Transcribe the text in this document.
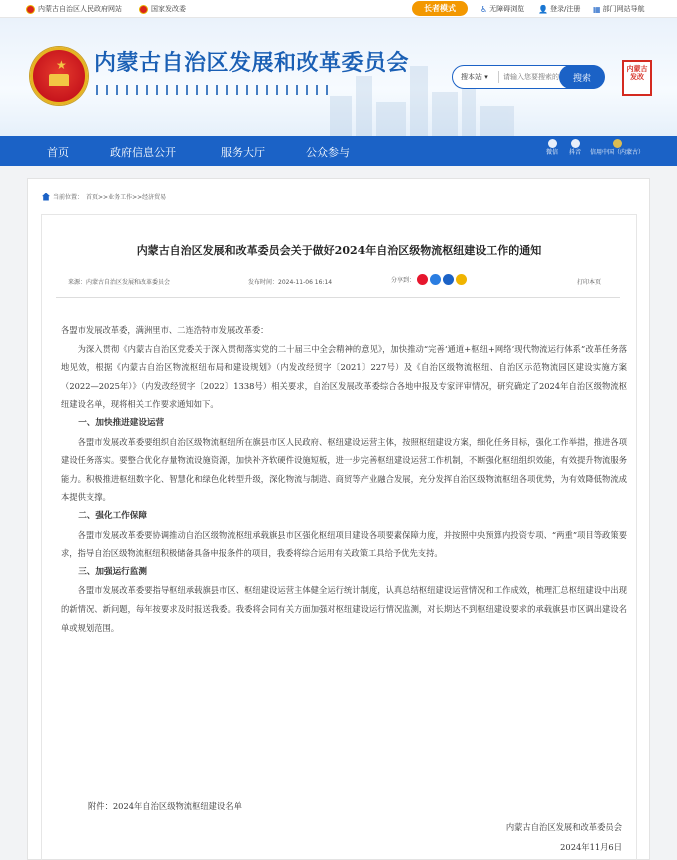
内蒙古自治区人民政府网站	国家发改委	长者模式	♿ 无障碍浏览 👤 登录/注册 ▦ 部门网站导航
★ 内蒙古自治区发展和改革委员会
搜本站 ▾
请输入您要搜索的内容	搜索
内蒙古发改
首页	政府信息公开	服务大厅	公众参与	微信 抖音 信用中国（内蒙古）
当前位置： 首页>>业务工作>>经济贸易
内蒙古自治区发展和改革委员会关于做好2024年自治区级物流枢纽建设工作的通知
来源：内蒙古自治区发展和改革委员会	发布时间：2024-11-06 16:14	分享到：	打印本页

各盟市发展改革委，满洲里市、二连浩特市发展改革委：

为深入贯彻《内蒙古自治区党委关于深入贯彻落实党的二十届三中全会精神的意见》，加快推动“完善‘通道+枢纽+网络’现代物流运行体系”改革任务落地见效，根据《内蒙古自治区物流枢纽布局和建设规划》（内发改经贸字〔2021〕227号）及《自治区级物流枢纽、自治区示范物流园区建设实施方案（2022—2025年）》（内发改经贸字〔2022〕1338号）相关要求，自治区发展改革委综合各地申报及专家评审情况，研究确定了2024年自治区级物流枢纽建设名单，现将相关工作要求通知如下。

一、加快推进建设运营

各盟市发展改革委要组织自治区级物流枢纽所在旗县市区人民政府、枢纽建设运营主体，按照枢纽建设方案，细化任务目标，强化工作举措，推进各项建设任务落实。要整合优化存量物流设施资源，加快补齐软硬件设施短板，进一步完善枢纽建设运营工作机制，不断强化枢纽组织效能，有效提升物流服务能力。积极推进枢纽数字化、智慧化和绿色化转型升级，深化物流与制造、商贸等产业融合发展，充分发挥自治区级物流枢纽各项优势，为有效降低物流成本提供支撑。

二、强化工作保障

各盟市发展改革委要协调推动自治区级物流枢纽承载旗县市区强化枢纽项目建设各项要素保障力度，并按照中央预算内投资专项、“两重”项目等政策要求，指导自治区级物流枢纽积极储备具备申报条件的项目，我委将综合运用有关政策工具给予优先支持。

三、加强运行监测

各盟市发展改革委要指导枢纽承载旗县市区、枢纽建设运营主体健全运行统计制度，认真总结枢纽建设运营情况和工作成效，梳理汇总枢纽建设中出现的新情况、新问题，每年按要求及时报送我委。我委将会同有关方面加强对枢纽建设运行情况监测，对长期达不到枢纽建设要求的承载旗县市区调出建设名单或规划范围。

附件：2024年自治区级物流枢纽建设名单
内蒙古自治区发展和改革委员会
2024年11月6日
